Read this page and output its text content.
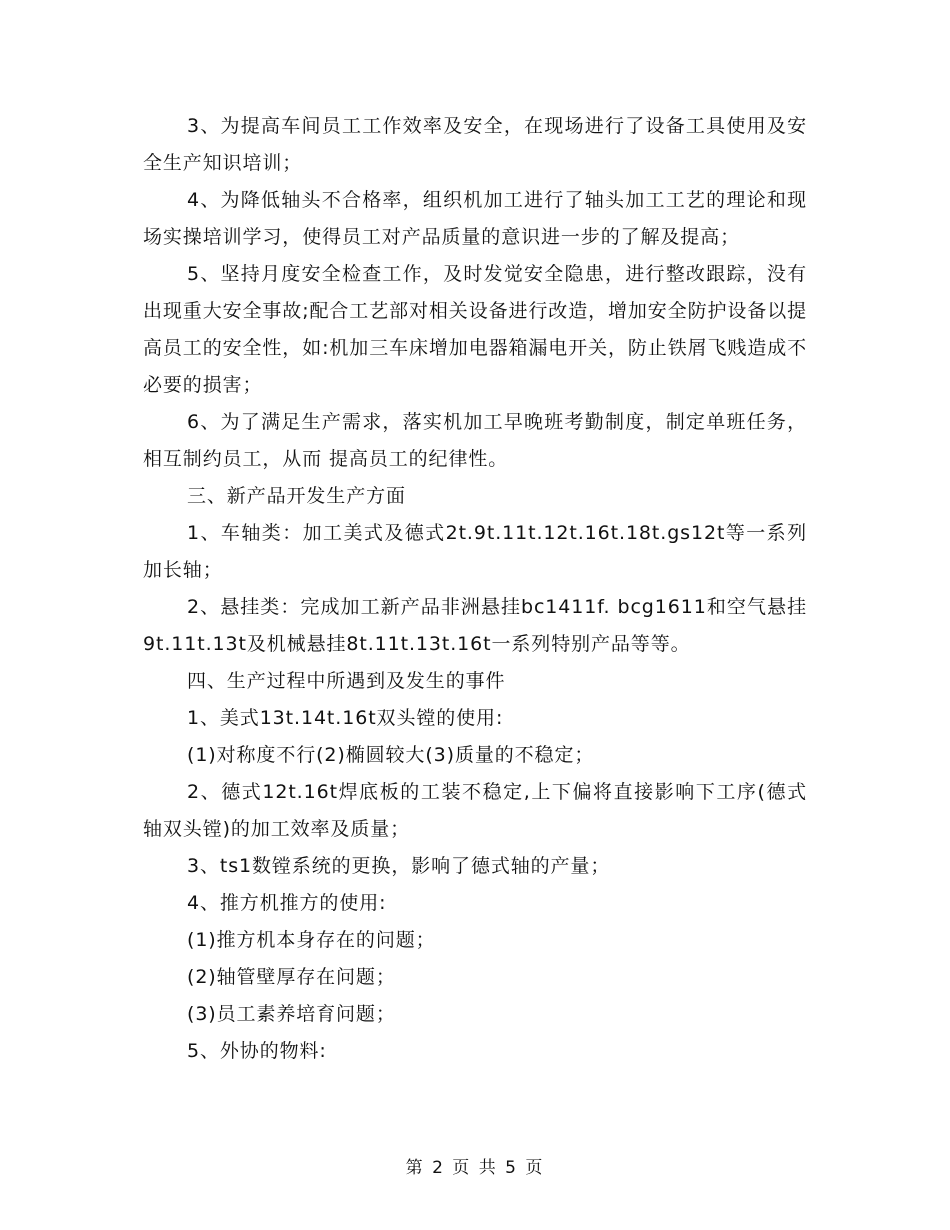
3、为提高车间员工工作效率及安全，在现场进行了设备工具使用及安全生产知识培训；

4、为降低轴头不合格率，组织机加工进行了轴头加工工艺的理论和现场实操培训学习，使得员工对产品质量的意识进一步的了解及提高；

5、坚持月度安全检查工作，及时发觉安全隐患，进行整改跟踪，没有出现重大安全事故;配合工艺部对相关设备进行改造，增加安全防护设备以提高员工的安全性，如:机加三车床增加电器箱漏电开关，防止铁屑飞贱造成不必要的损害；

6、为了满足生产需求，落实机加工早晚班考勤制度，制定单班任务，相互制约员工，从而 提高员工的纪律性。

三、新产品开发生产方面

1、车轴类：加工美式及德式2t.9t.11t.12t.16t.18t.gs12t等一系列加长轴；

2、悬挂类：完成加工新产品非洲悬挂bc1411f. bcg1611和空气悬挂9t.11t.13t及机械悬挂8t.11t.13t.16t一系列特别产品等等。

四、生产过程中所遇到及发生的事件

1、美式13t.14t.16t双头镗的使用:

(1)对称度不行(2)椭圆较大(3)质量的不稳定；

2、德式12t.16t焊底板的工装不稳定,上下偏将直接影响下工序(德式轴双头镗)的加工效率及质量；

3、ts1数镗系统的更换，影响了德式轴的产量；

4、推方机推方的使用:

(1)推方机本身存在的问题；

(2)轴管壁厚存在问题；

(3)员工素养培育问题；

5、外协的物料:

第 2 页 共 5 页
